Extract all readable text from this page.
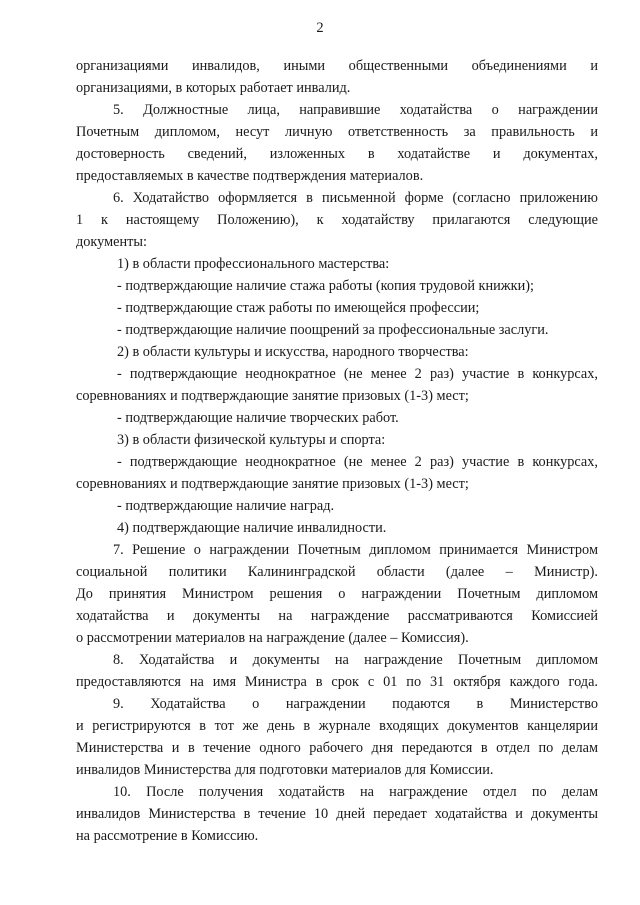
2
организациями инвалидов, иными общественными объединениями и
организациями, в которых работает инвалид.
5. Должностные лица, направившие ходатайства о награждении
Почетным дипломом, несут личную ответственность за правильность и
достоверность сведений, изложенных в ходатайстве и документах,
предоставляемых в качестве подтверждения материалов.
6. Ходатайство оформляется в письменной форме (согласно приложению
1 к настоящему Положению), к ходатайству прилагаются следующие
документы:
1) в области профессионального мастерства:
- подтверждающие наличие стажа работы (копия трудовой книжки);
- подтверждающие стаж работы по имеющейся профессии;
- подтверждающие наличие поощрений за профессиональные заслуги.
2) в области культуры и искусства, народного творчества:
- подтверждающие неоднократное (не менее 2 раз) участие в конкурсах,
соревнованиях и подтверждающие занятие призовых (1-3) мест;
- подтверждающие наличие творческих работ.
3) в области физической культуры и спорта:
- подтверждающие неоднократное (не менее 2 раз) участие в конкурсах,
соревнованиях и подтверждающие занятие призовых (1-3) мест;
- подтверждающие наличие наград.
4) подтверждающие наличие инвалидности.
7. Решение о награждении Почетным дипломом принимается Министром
социальной политики Калининградской области (далее – Министр).
До принятия Министром решения о награждении Почетным дипломом
ходатайства и документы на награждение рассматриваются Комиссией
о рассмотрении материалов на награждение (далее – Комиссия).
8. Ходатайства и документы на награждение Почетным дипломом
предоставляются на имя Министра в срок с 01 по 31 октября каждого года.
9. Ходатайства о награждении подаются в Министерство
и регистрируются в тот же день в журнале входящих документов канцелярии
Министерства и в течение одного рабочего дня передаются в отдел по делам
инвалидов Министерства для подготовки материалов для Комиссии.
10. После получения ходатайств на награждение отдел по делам
инвалидов Министерства в течение 10 дней передает ходатайства и документы
на рассмотрение в Комиссию.
